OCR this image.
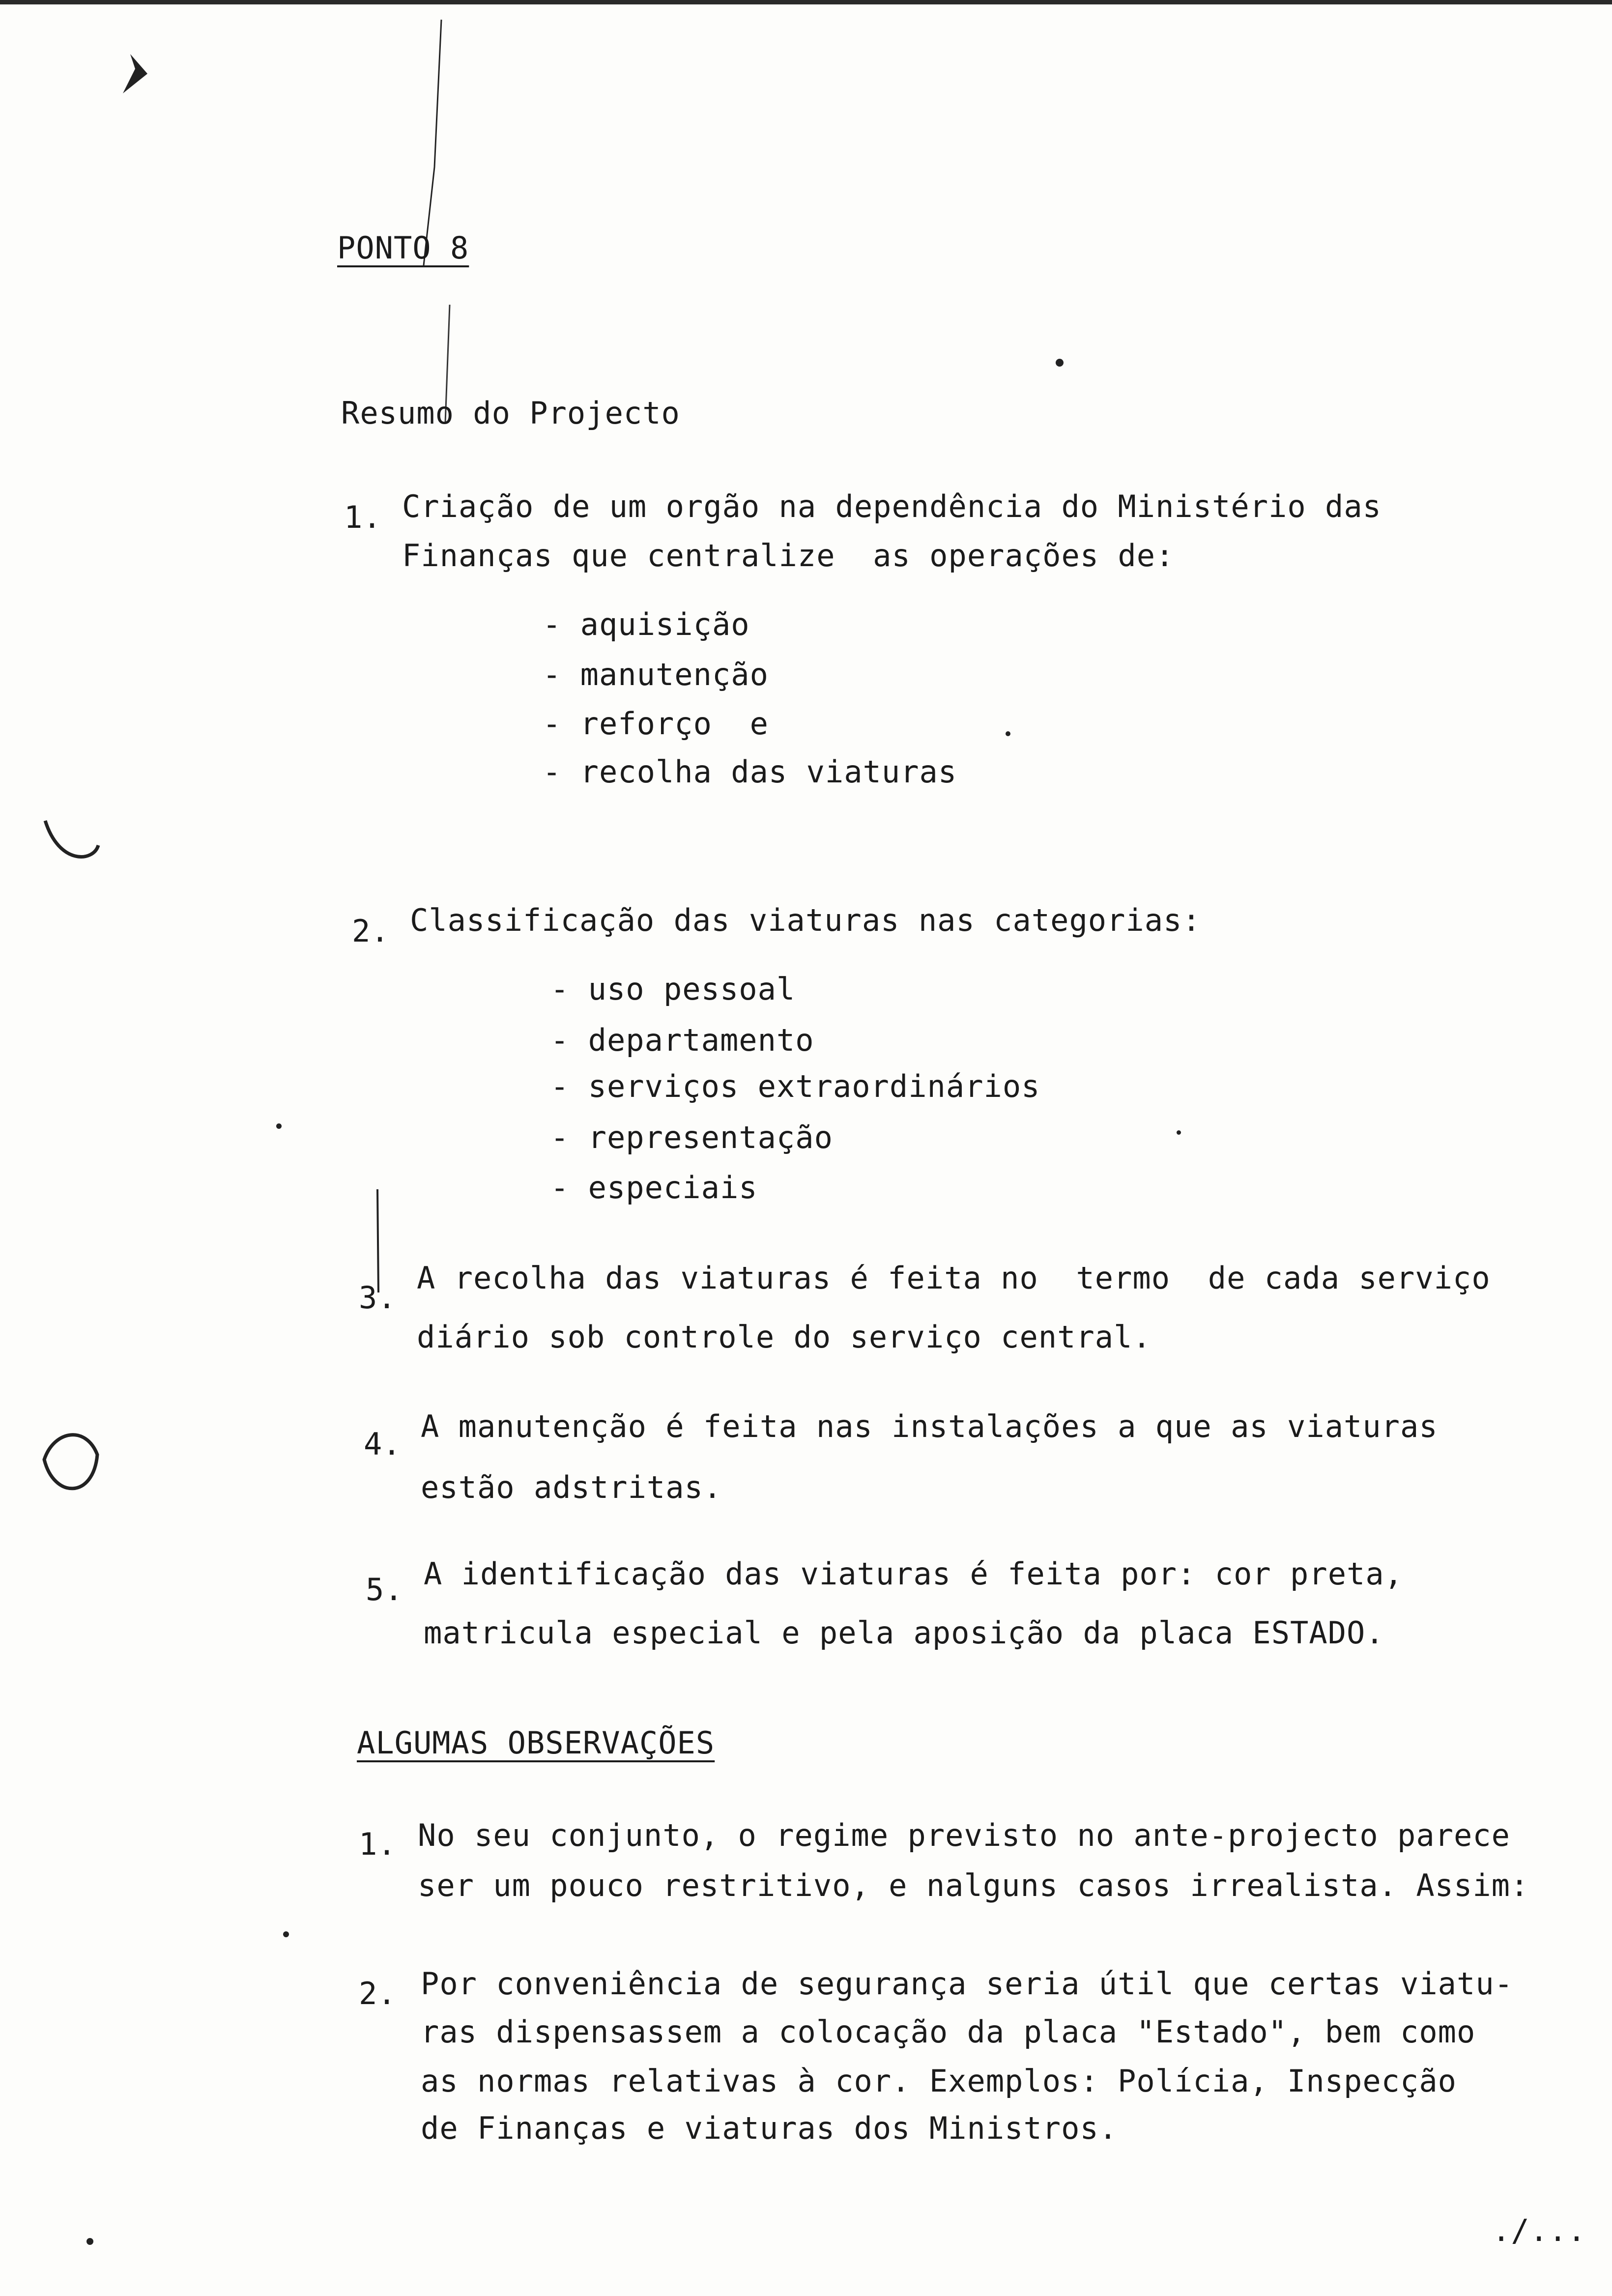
PONTO 8
Resumo do Projecto
1. Criação de um orgão na dependência do Ministério das
Finanças que centralize  as operações de:
- aquisição
- manutenção
- reforço  e
- recolha das viaturas
2. Classificação das viaturas nas categorias:
- uso pessoal
- departamento
- serviços extraordinários
- representação
- especiais
3.
A recolha das viaturas é feita no  termo  de cada serviço
diário sob controle do serviço central.
4. A manutenção é feita nas instalações a que as viaturas
estão adstritas.
5. A identificação das viaturas é feita por: cor preta,
matricula especial e pela aposição da placa ESTADO.
ALGUMAS OBSERVAÇÕES
1. No seu conjunto, o regime previsto no ante-projecto parece
ser um pouco restritivo, e nalguns casos irrealista. Assim:
2. Por conveniência de segurança seria útil que certas viatu-
ras dispensassem a colocação da placa "Estado", bem como
as normas relativas à cor. Exemplos: Polícia, Inspecção
de Finanças e viaturas dos Ministros.
./...
